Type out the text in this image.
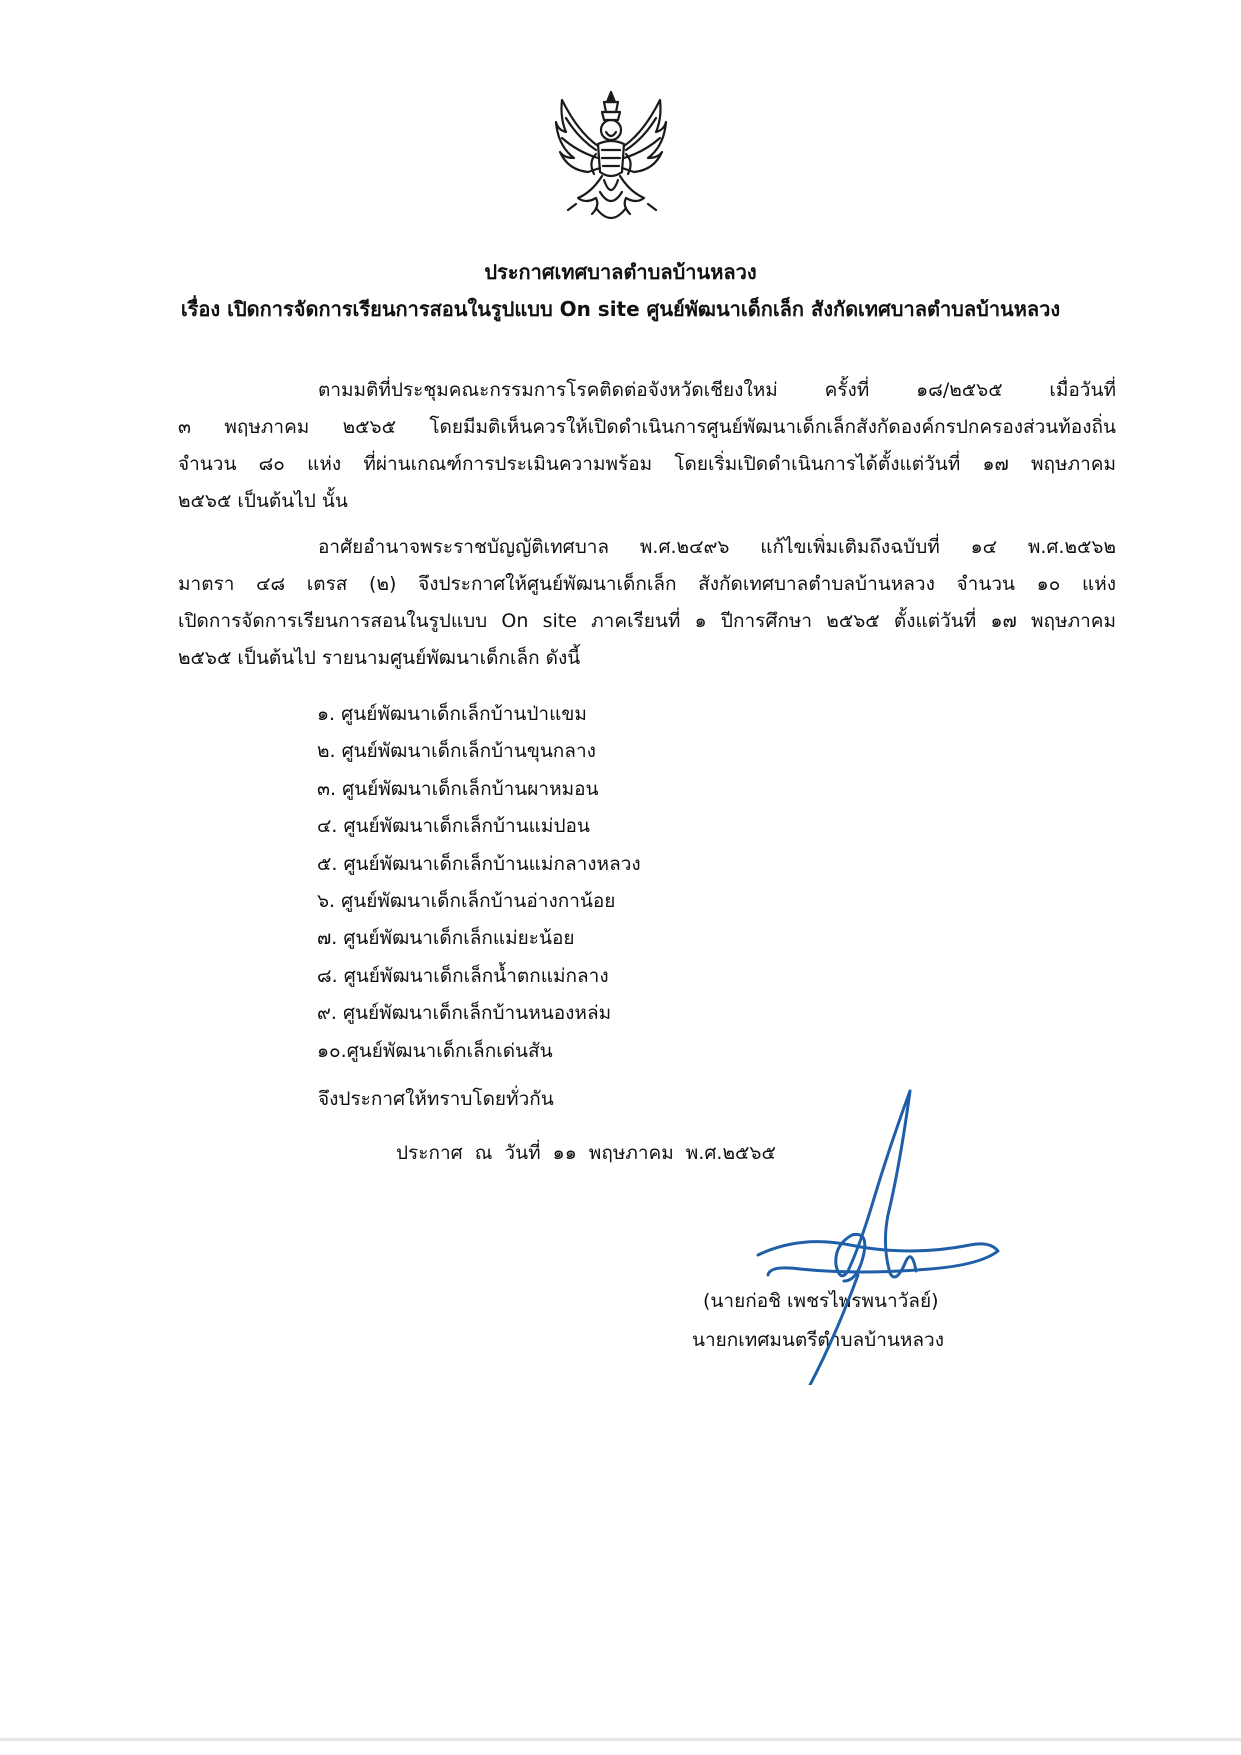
ประกาศเทศบาลตำบลบ้านหลวง
เรื่อง เปิดการจัดการเรียนการสอนในรูปแบบ On site ศูนย์พัฒนาเด็กเล็ก สังกัดเทศบาลตำบลบ้านหลวง
ตามมติที่ประชุมคณะกรรมการโรคติดต่อจังหวัดเชียงใหม่ ครั้งที่ ๑๘/๒๕๖๕ เมื่อวันที่
๓ พฤษภาคม ๒๕๖๕ โดยมีมติเห็นควรให้เปิดดำเนินการศูนย์พัฒนาเด็กเล็กสังกัดองค์กรปกครองส่วนท้องถิ่น
จำนวน ๘๐ แห่ง ที่ผ่านเกณฑ์การประเมินความพร้อม โดยเริ่มเปิดดำเนินการได้ตั้งแต่วันที่ ๑๗ พฤษภาคม
๒๕๖๕ เป็นต้นไป นั้น
อาศัยอำนาจพระราชบัญญัติเทศบาล พ.ศ.๒๔๙๖ แก้ไขเพิ่มเติมถึงฉบับที่ ๑๔ พ.ศ.๒๕๖๒
มาตรา ๔๘ เตรส (๒) จึงประกาศให้ศูนย์พัฒนาเด็กเล็ก สังกัดเทศบาลตำบลบ้านหลวง จำนวน ๑๐ แห่ง
เปิดการจัดการเรียนการสอนในรูปแบบ On site ภาคเรียนที่ ๑ ปีการศึกษา ๒๕๖๕ ตั้งแต่วันที่ ๑๗ พฤษภาคม
๒๕๖๕ เป็นต้นไป รายนามศูนย์พัฒนาเด็กเล็ก ดังนี้
๑. ศูนย์พัฒนาเด็กเล็กบ้านป่าแขม
๒. ศูนย์พัฒนาเด็กเล็กบ้านขุนกลาง
๓. ศูนย์พัฒนาเด็กเล็กบ้านผาหมอน
๔. ศูนย์พัฒนาเด็กเล็กบ้านแม่ปอน
๕. ศูนย์พัฒนาเด็กเล็กบ้านแม่กลางหลวง
๖. ศูนย์พัฒนาเด็กเล็กบ้านอ่างกาน้อย
๗. ศูนย์พัฒนาเด็กเล็กแม่ยะน้อย
๘. ศูนย์พัฒนาเด็กเล็กน้ำตกแม่กลาง
๙. ศูนย์พัฒนาเด็กเล็กบ้านหนองหล่ม
๑๐.ศูนย์พัฒนาเด็กเล็กเด่นสัน
จึงประกาศให้ทราบโดยทั่วกัน
ประกาศ ณ วันที่ ๑๑ พฤษภาคม พ.ศ.๒๕๖๕
(นายก่อชิ เพชรไพรพนาวัลย์)
นายกเทศมนตรีตำบลบ้านหลวง
